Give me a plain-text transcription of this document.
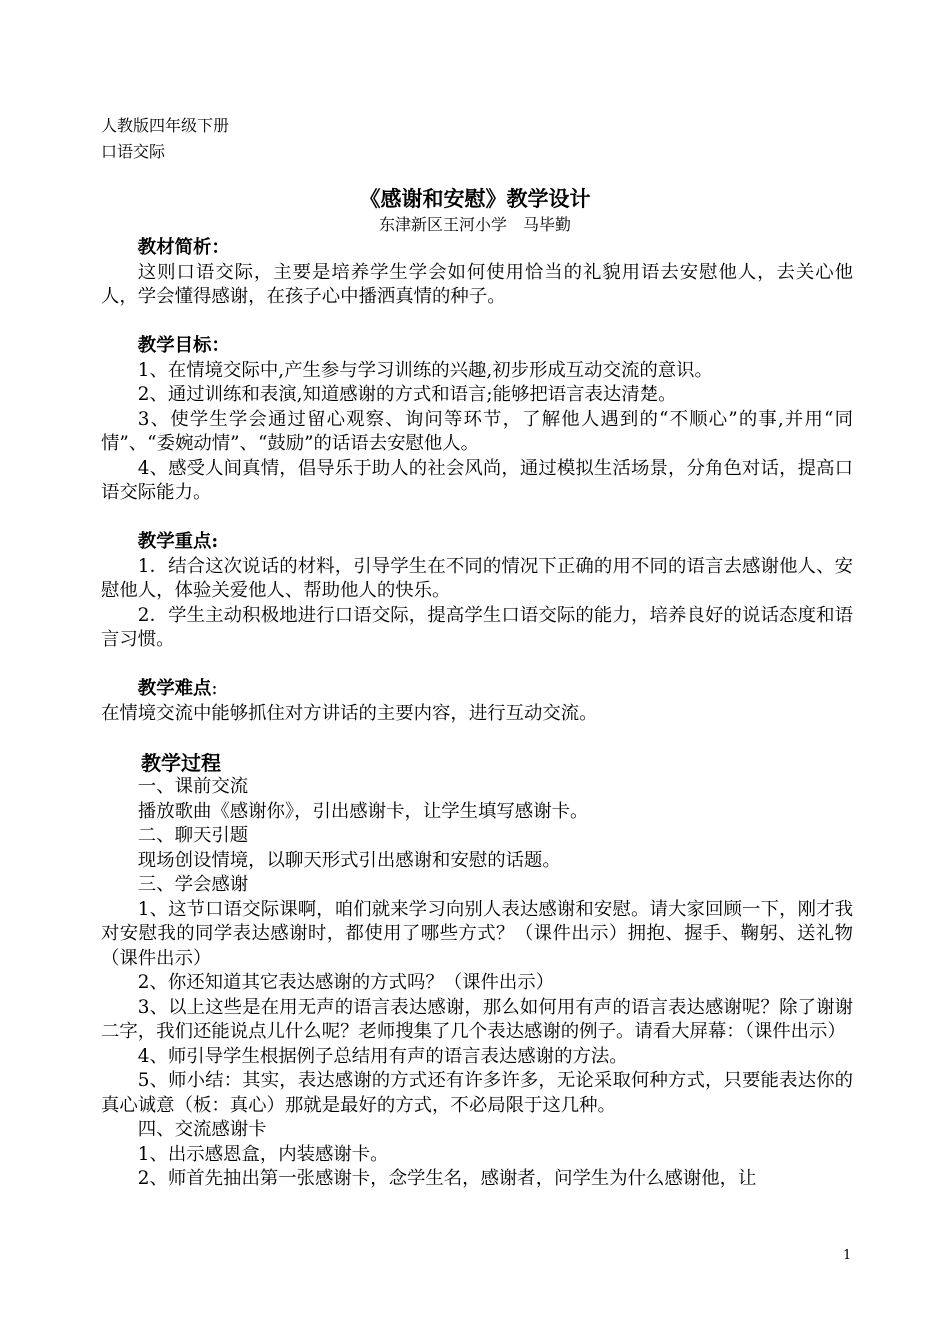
人教版四年级下册
口语交际
《感谢和安慰》教学设计
东津新区王河小学　马毕勤
教材简析：

这则口语交际，主要是培养学生学会如何使用恰当的礼貌用语去安慰他人，去关心他人，学会懂得感谢，在孩子心中播洒真情的种子。

教学目标：

1、在情境交际中,产生参与学习训练的兴趣,初步形成互动交流的意识。

2、通过训练和表演,知道感谢的方式和语言;能够把语言表达清楚。

3、使学生学会通过留心观察、询问等环节，了解他人遇到的“不顺心”的事,并用“同情”、“委婉动情”、“鼓励”的话语去安慰他人。

4、感受人间真情，倡导乐于助人的社会风尚，通过模拟生活场景，分角色对话，提高口语交际能力。

教学重点:

1．结合这次说话的材料，引导学生在不同的情况下正确的用不同的语言去感谢他人、安慰他人，体验关爱他人、帮助他人的快乐。

2．学生主动积极地进行口语交际，提高学生口语交际的能力，培养良好的说话态度和语言习惯。

教学难点:

在情境交流中能够抓住对方讲话的主要内容，进行互动交流。

教学过程

一、课前交流

播放歌曲《感谢你》，引出感谢卡，让学生填写感谢卡。

二、聊天引题

现场创设情境，以聊天形式引出感谢和安慰的话题。

三、学会感谢

1、这节口语交际课啊，咱们就来学习向别人表达感谢和安慰。请大家回顾一下，刚才我对安慰我的同学表达感谢时，都使用了哪些方式？（课件出示）拥抱、握手、鞠躬、送礼物（课件出示）

2、你还知道其它表达感谢的方式吗？（课件出示）

3、以上这些是在用无声的语言表达感谢，那么如何用有声的语言表达感谢呢？除了谢谢二字，我们还能说点儿什么呢？老师搜集了几个表达感谢的例子。请看大屏幕：（课件出示）

4、师引导学生根据例子总结用有声的语言表达感谢的方法。

5、师小结：其实，表达感谢的方式还有许多许多，无论采取何种方式，只要能表达你的真心诚意（板：真心）那就是最好的方式，不必局限于这几种。

四、交流感谢卡

1、出示感恩盒，内装感谢卡。

2、师首先抽出第一张感谢卡，念学生名，感谢者，问学生为什么感谢他，让

1
